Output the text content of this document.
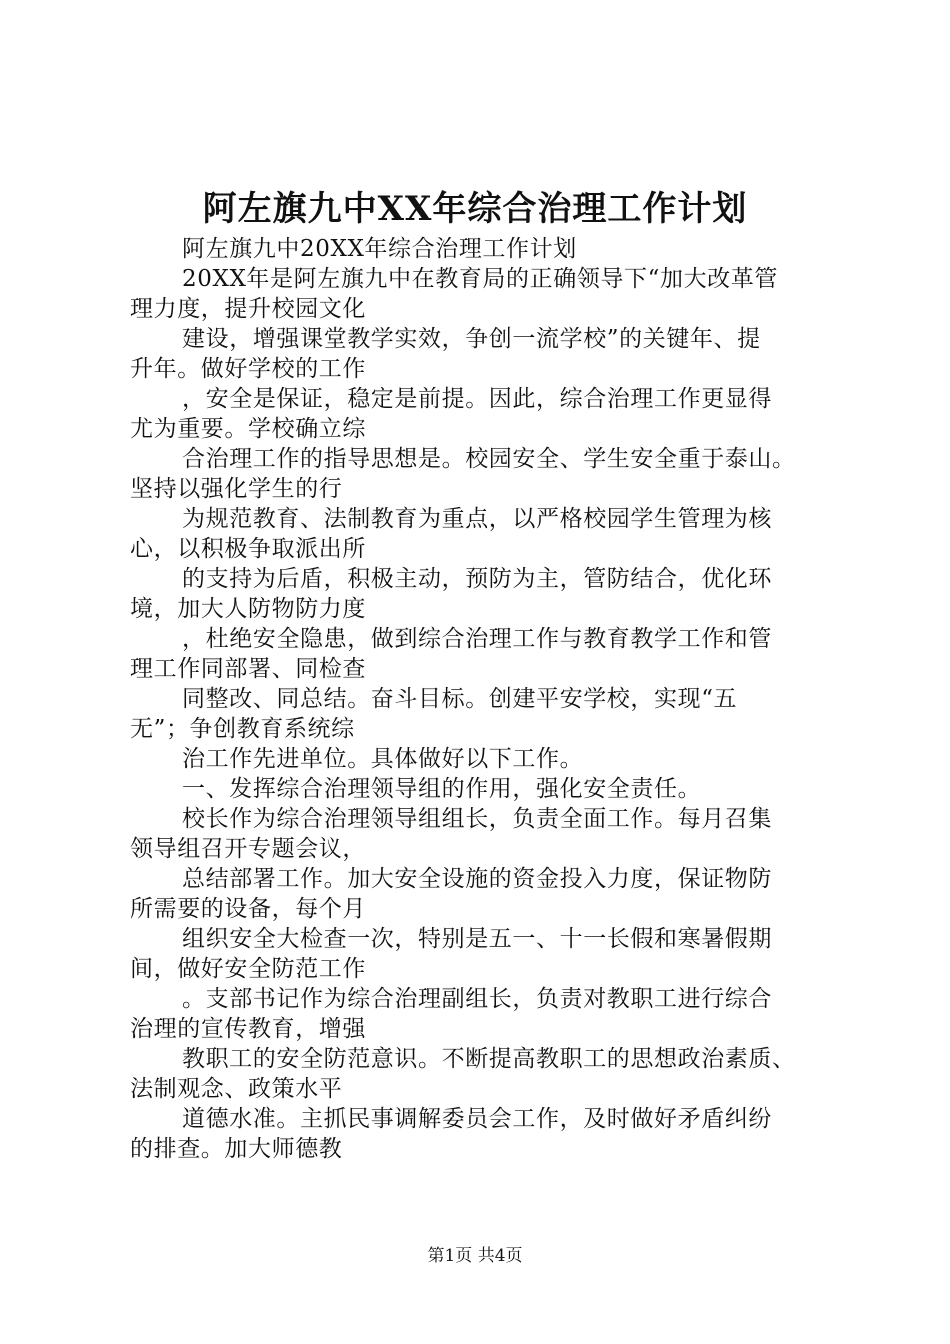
阿左旗九中XX年综合治理工作计划

阿左旗九中20XX年综合治理工作计划

20XX年是阿左旗九中在教育局的正确领导下“加大改革管

理力度，提升校园文化

建设，增强课堂教学实效，争创一流学校”的关键年、提

升年。做好学校的工作

，安全是保证，稳定是前提。因此，综合治理工作更显得

尤为重要。学校确立综

合治理工作的指导思想是。校园安全、学生安全重于泰山。

坚持以强化学生的行

为规范教育、法制教育为重点，以严格校园学生管理为核

心，以积极争取派出所

的支持为后盾，积极主动，预防为主，管防结合，优化环

境，加大人防物防力度

，杜绝安全隐患，做到综合治理工作与教育教学工作和管

理工作同部署、同检查

同整改、同总结。奋斗目标。创建平安学校，实现“五

无”；争创教育系统综

治工作先进单位。具体做好以下工作。

一、发挥综合治理领导组的作用，强化安全责任。

校长作为综合治理领导组组长，负责全面工作。每月召集

领导组召开专题会议，

总结部署工作。加大安全设施的资金投入力度，保证物防

所需要的设备，每个月

组织安全大检查一次，特别是五一、十一长假和寒暑假期

间，做好安全防范工作

。支部书记作为综合治理副组长，负责对教职工进行综合

治理的宣传教育，增强

教职工的安全防范意识。不断提高教职工的思想政治素质、

法制观念、政策水平

道德水准。主抓民事调解委员会工作，及时做好矛盾纠纷

的排查。加大师德教

第1页 共4页
